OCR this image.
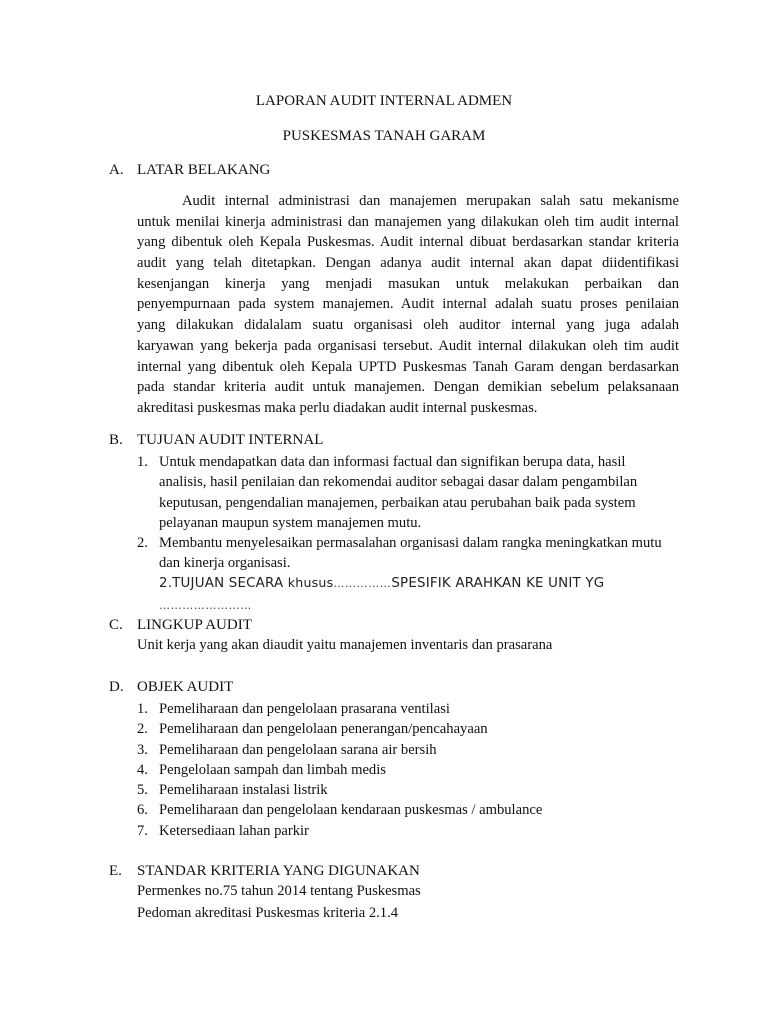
LAPORAN AUDIT INTERNAL ADMEN
PUSKESMAS TANAH GARAM
A. LATAR BELAKANG
Audit internal administrasi dan manajemen merupakan salah satu mekanisme
untuk menilai kinerja administrasi dan manajemen yang dilakukan oleh tim audit internal
yang dibentuk oleh Kepala Puskesmas. Audit internal dibuat berdasarkan standar kriteria
audit yang telah ditetapkan. Dengan adanya audit internal akan dapat diidentifikasi
kesenjangan kinerja yang menjadi masukan untuk melakukan perbaikan dan
penyempurnaan pada system manajemen. Audit internal adalah suatu proses penilaian
yang dilakukan didalalam suatu organisasi oleh auditor internal yang juga adalah
karyawan yang bekerja pada organisasi tersebut. Audit internal dilakukan oleh tim audit
internal yang dibentuk oleh Kepala UPTD Puskesmas Tanah Garam dengan berdasarkan
pada standar kriteria audit untuk manajemen. Dengan demikian sebelum pelaksanaan
akreditasi puskesmas maka perlu diadakan audit internal puskesmas.
B. TUJUAN AUDIT INTERNAL
1. Untuk mendapatkan data dan informasi factual dan signifikan berupa data, hasil
analisis, hasil penilaian dan rekomendai auditor sebagai dasar dalam pengambilan
keputusan, pengendalian manajemen, perbaikan atau perubahan baik pada system
pelayanan maupun system manajemen mutu.
2. Membantu menyelesaikan permasalahan organisasi dalam rangka meningkatkan mutu
dan kinerja organisasi.
2.TUJUAN SECARA khusus……………SPESIFIK ARAHKAN KE UNIT YG
……………………
C. LINGKUP AUDIT
Unit kerja yang akan diaudit yaitu manajemen inventaris dan prasarana
D. OBJEK AUDIT
1. Pemeliharaan dan pengelolaan prasarana ventilasi
2. Pemeliharaan dan pengelolaan penerangan/pencahayaan
3. Pemeliharaan dan pengelolaan sarana air bersih
4. Pengelolaan sampah dan limbah medis
5. Pemeliharaan instalasi listrik
6. Pemeliharaan dan pengelolaan kendaraan puskesmas / ambulance
7. Ketersediaan lahan parkir
E. STANDAR KRITERIA YANG DIGUNAKAN
Permenkes no.75 tahun 2014 tentang Puskesmas
Pedoman akreditasi Puskesmas kriteria 2.1.4
